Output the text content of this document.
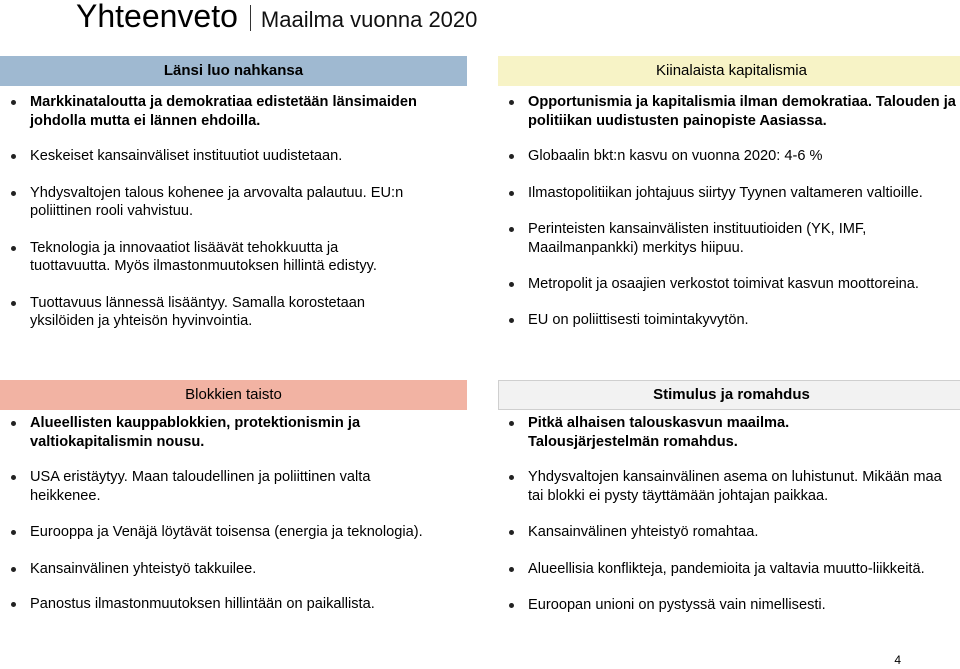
Yhteenveto Maailma vuonna 2020
Länsi luo nahkansa
Markkinataloutta ja demokratiaa edistetään länsimaiden johdolla mutta ei lännen ehdoilla.
Keskeiset kansainväliset instituutiot uudistetaan.
Yhdysvaltojen talous kohenee ja arvovalta palautuu. EU:n poliittinen rooli vahvistuu.
Teknologia ja innovaatiot lisäävät tehokkuutta ja tuottavuutta. Myös ilmastonmuutoksen hillintä edistyy.
Tuottavuus lännessä lisääntyy. Samalla korostetaan yksilöiden ja yhteisön hyvinvointia.
Kiinalaista kapitalismia
Opportunismia ja kapitalismia ilman demokratiaa. Talouden ja politiikan uudistusten painopiste Aasiassa.
Globaalin bkt:n kasvu on vuonna 2020: 4-6 %
Ilmastopolitiikan johtajuus siirtyy Tyynen valtameren valtioille.
Perinteisten kansainvälisten instituutioiden (YK, IMF, Maailmanpankki) merkitys hiipuu.
Metropolit ja osaajien verkostot toimivat kasvun moottoreina.
EU on poliittisesti toimintakyvytön.
Blokkien taisto
Alueellisten kauppablokkien, protektionismin ja valtiokapitalismin nousu.
USA eristäytyy. Maan taloudellinen ja poliittinen valta heikkenee.
Eurooppa ja Venäjä löytävät toisensa (energia ja teknologia).
Kansainvälinen yhteistyö takkuilee.
Panostus ilmastonmuutoksen hillintään on paikallista.
Stimulus ja romahdus
Pitkä alhaisen talouskasvun maailma. Talousjärjestelmän romahdus.
Yhdysvaltojen kansainvälinen asema on luhistunut. Mikään maa tai blokki ei pysty täyttämään johtajan paikkaa.
Kansainvälinen yhteistyö romahtaa.
Alueellisia konflikteja, pandemioita ja valtavia muutto-liikkeitä.
Euroopan unioni on pystyssä vain nimellisesti.
4
